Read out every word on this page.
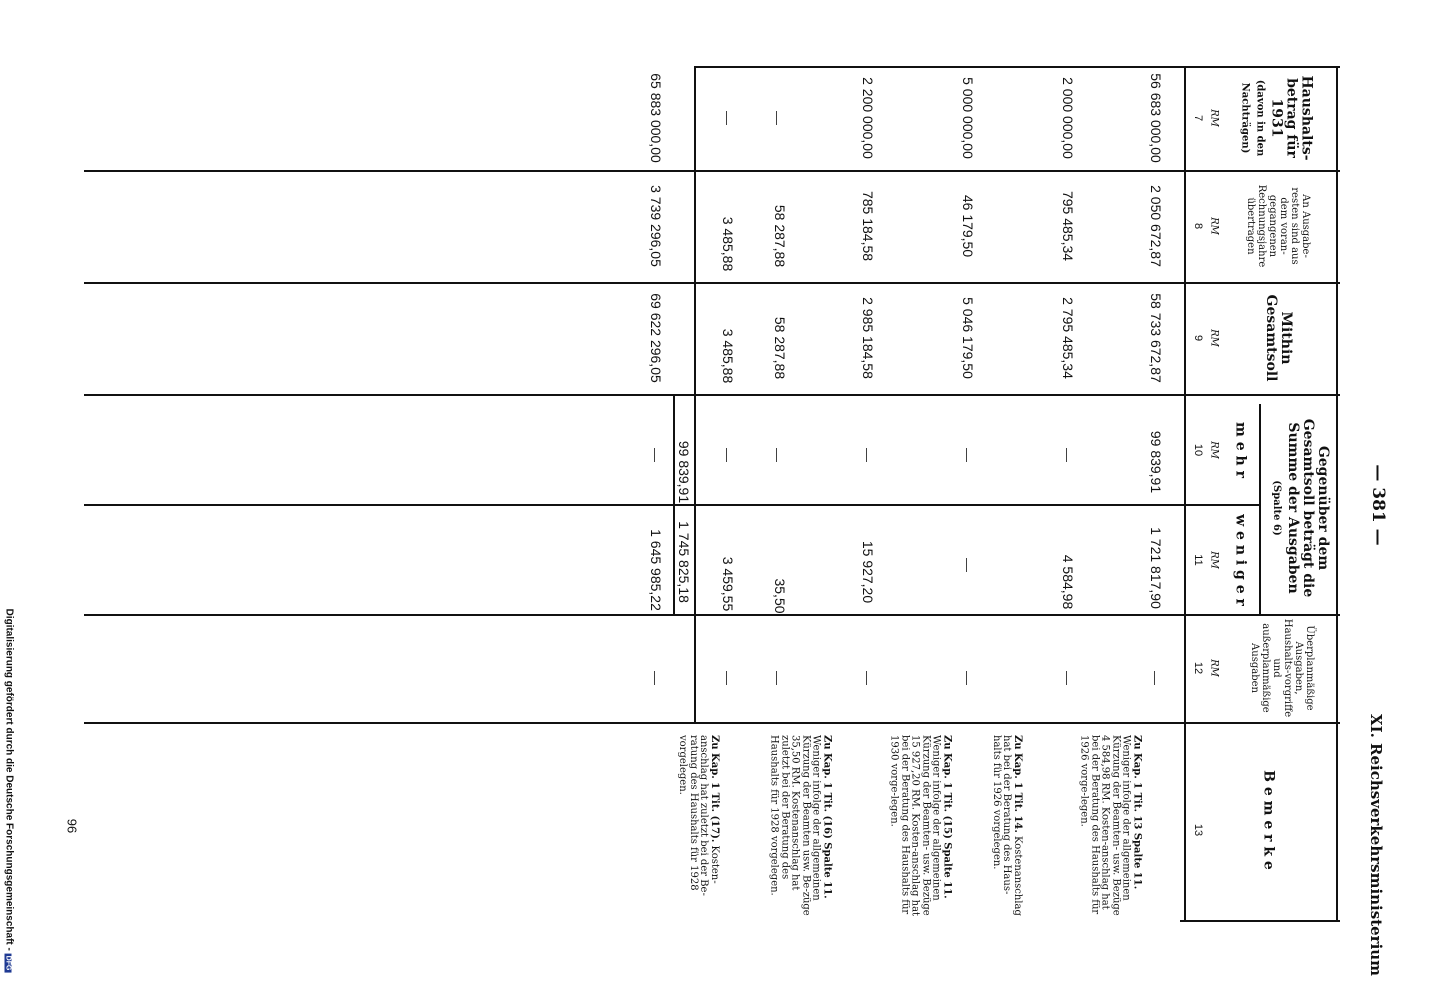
XI. Reichsverkehrsministerium
— 381 —
Digitalisierung gefördert durch die Deutsche Forschungsgemeinschaft - DFG
96
Haushalts-betrag für 1931
(davon in den Nachträgen)
An Ausgabe-resten sind aus dem voran-gegangenen Rechnungsjahre übertragen
Mithin Gesamtsoll
Gegenüber dem Gesamtsoll beträgt die Summe der Ausgaben
(Spalte 6)
m e h r
w e n i g e r
Überplanmäßige Ausgaben, Haushalts-vorgriffe und außerplanmäßige Ausgaben
B e m e r k e
RM
7
RM
8
RM
9
RM
10
RM
11
RM
12
13
56 683 000,00
2 050 672,87
58 733 672,87
99 839,91
1 721 817,90
—
2 000 000,00
795 485,34
2 795 485,34
—
4 584,98
—
5 000 000,00
46 179,50
5 046 179,50
—
—
—
2 200 000,00
785 184,58
2 985 184,58
—
15 927,20
—
—
58 287,88
58 287,88
—
35,50
—
3 485,88
3 485,88
—
3 459,55
—
—
99 839,91
1 745 825,18
65 883 000,00
3 739 296,05
69 622 296,05
—
1 645 985,22
—
Zu Kap. 1 Tit. 13 Spalte 11. Weniger infolge der allgemeinen Kürzung der Beamten- usw. Bezüge 4 584,98 RM. Kosten-anschlag hat bei der Beratung des Haushalts für 1926 vorge-legen.
Zu Kap. 1 Tit. 14. Kostenanschlag hat bei der Beratung des Haus-halts für 1926 vorgelegen.
Zu Kap. 1 Tit. (15) Spalte 11. Weniger infolge der allgemeinen Kürzung der Beamten- usw. Bezüge 15 927,20 RM. Kosten-anschlag hat bei der Beratung des Haushalts für 1930 vorge-legen.
Zu Kap. 1 Tit. (16) Spalte 11. Weniger infolge der allgemeinen Kürzung der Beamten usw. Be-züge 35,50 RM. Kostenanschlag hat zuletzt bei der Beratung des Haushalts für 1928 vorgelegen.
Zu Kap. 1 Tit. (17). Kosten-anschlag hat zuletzt bei der Be-ratung des Haushalts für 1928 vorgelegen.
